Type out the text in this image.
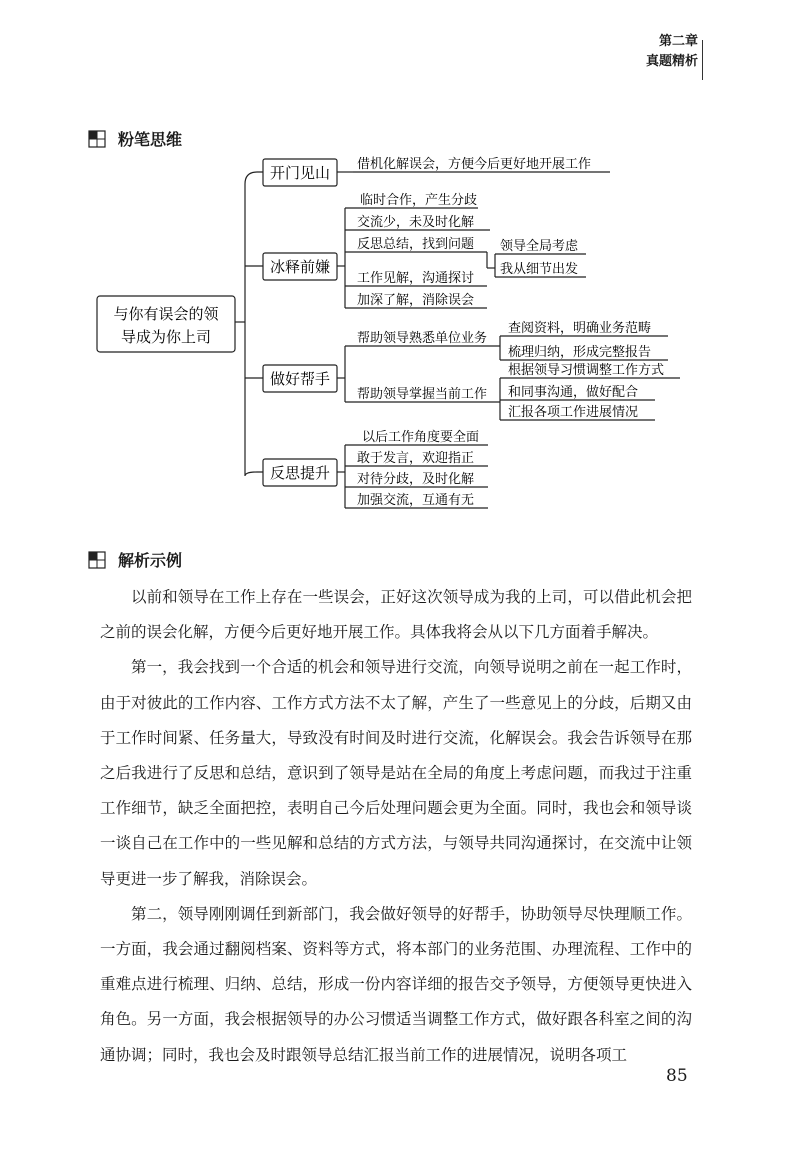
第二章
真题精析
粉笔思维
与你有误会的领
导成为你上司
开门见山
冰释前嫌
做好帮手
反思提升
借机化解误会，方便今后更好地开展工作
临时合作，产生分歧
交流少，未及时化解
反思总结，找到问题
工作见解，沟通探讨
加深了解，消除误会
领导全局考虑
我从细节出发
帮助领导熟悉单位业务
帮助领导掌握当前工作
查阅资料，明确业务范畴
梳理归纳，形成完整报告
根据领导习惯调整工作方式
和同事沟通，做好配合
汇报各项工作进展情况
以后工作角度要全面
敢于发言，欢迎指正
对待分歧，及时化解
加强交流，互通有无
解析示例

以前和领导在工作上存在一些误会，正好这次领导成为我的上司，可以借此机会把之前的误会化解，方便今后更好地开展工作。具体我将会从以下几方面着手解决。

第一，我会找到一个合适的机会和领导进行交流，向领导说明之前在一起工作时，由于对彼此的工作内容、工作方式方法不太了解，产生了一些意见上的分歧，后期又由于工作时间紧、任务量大，导致没有时间及时进行交流，化解误会。我会告诉领导在那之后我进行了反思和总结，意识到了领导是站在全局的角度上考虑问题，而我过于注重工作细节，缺乏全面把控，表明自己今后处理问题会更为全面。同时，我也会和领导谈一谈自己在工作中的一些见解和总结的方式方法，与领导共同沟通探讨，在交流中让领导更进一步了解我，消除误会。

第二，领导刚刚调任到新部门，我会做好领导的好帮手，协助领导尽快理顺工作。一方面，我会通过翻阅档案、资料等方式，将本部门的业务范围、办理流程、工作中的重难点进行梳理、归纳、总结，形成一份内容详细的报告交予领导，方便领导更快进入角色。另一方面，我会根据领导的办公习惯适当调整工作方式，做好跟各科室之间的沟通协调；同时，我也会及时跟领导总结汇报当前工作的进展情况，说明各项工

85
